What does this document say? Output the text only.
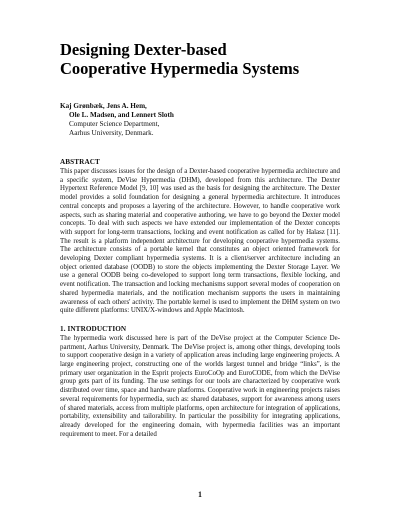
Designing Dexter-based
Cooperative Hypermedia Systems
Kaj Grønbæk, Jens A. Hem,
Ole L. Madsen, and Lennert Sloth
Computer Science Department,
Aarhus University, Denmark.
ABSTRACT

This paper discusses issues for the design of a Dexter-based cooperative hypermedia architecture and a specific system, DeVise Hypermedia (DHM), developed from this architecture. The Dexter Hypertext Reference Model [9, 10] was used as the basis for designing the architecture. The Dexter model provides a solid foundation for designing a general hypermedia architecture. It introduces central concepts and proposes a layering of the architecture. However, to handle cooperative work aspects, such as sharing material and cooperative authoring, we have to go beyond the Dexter model concepts. To deal with such aspects we have extended our implementation of the Dexter concepts with support for long-term transactions, locking and event notification as called for by Halasz [11]. The result is a platform independent architecture for developing cooperative hypermedia systems. The architecture consists of a portable kernel that constitutes an object oriented framework for developing Dexter compliant hypermedia systems. It is a client/server architecture including an object oriented database (OODB) to store the objects implementing the Dexter Storage Layer. We use a general OODB being co-developed to support long term transactions, flexible locking, and event notification. The transaction and locking mechanisms support several modes of cooperation on shared hypermedia materials, and the notification mechanism supports the users in maintaining awareness of each others' activity. The portable kernel is used to implement the DHM system on two quite different platforms: UNIX/X-windows and Apple Macintosh.

1. INTRODUCTION

The hypermedia work discussed here is part of the DeVise project at the Computer Science De-partment, Aarhus University, Denmark. The DeVise project is, among other things, developing tools to support cooperative design in a variety of application areas including large engineering projects. A large engineering project, constructing one of the worlds largest tunnel and bridge “links”, is the primary user organization in the Esprit projects EuroCoOp and EuroCODE, from which the DeVise group gets part of its funding. The use settings for our tools are characterized by cooperative work distributed over time, space and hardware platforms. Cooperative work in engineering projects raises several requirements for hypermedia, such as: shared databases, support for awareness among users of shared materials, access from multiple platforms, open architecture for integration of applications, portability, extensibility and tailorability. In particular the possibility for integrating applications, already developed for the engineering domain, with hypermedia facilities was an important requirement to meet. For a detailed

1
